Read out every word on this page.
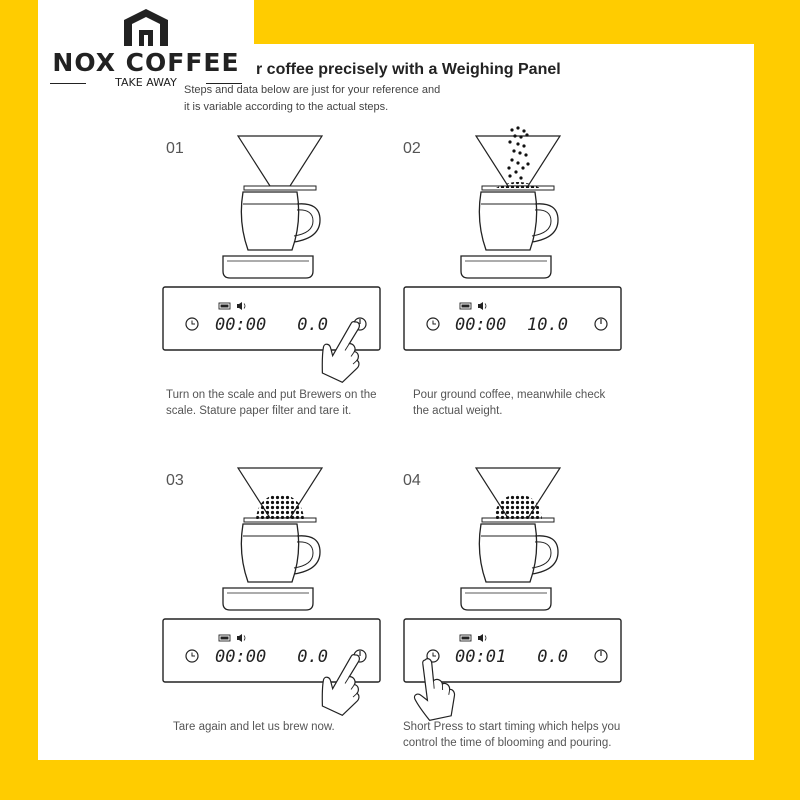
NOX COFFEE
TAKE AWAY
r coffee precisely with a Weighing Panel
Steps and data below are just for your reference and
it is variable according to the actual steps.
01	02
03	04
00:00 0.0	00:00 10.0
00:00 0.0	00:01 0.0
Turn on the scale and put Brewers on the
scale. Stature paper filter and tare it.
Pour ground coffee, meanwhile check
the actual weight.
Tare again and let us brew now.	Short Press to start timing which helps you
control the time of blooming and pouring.
